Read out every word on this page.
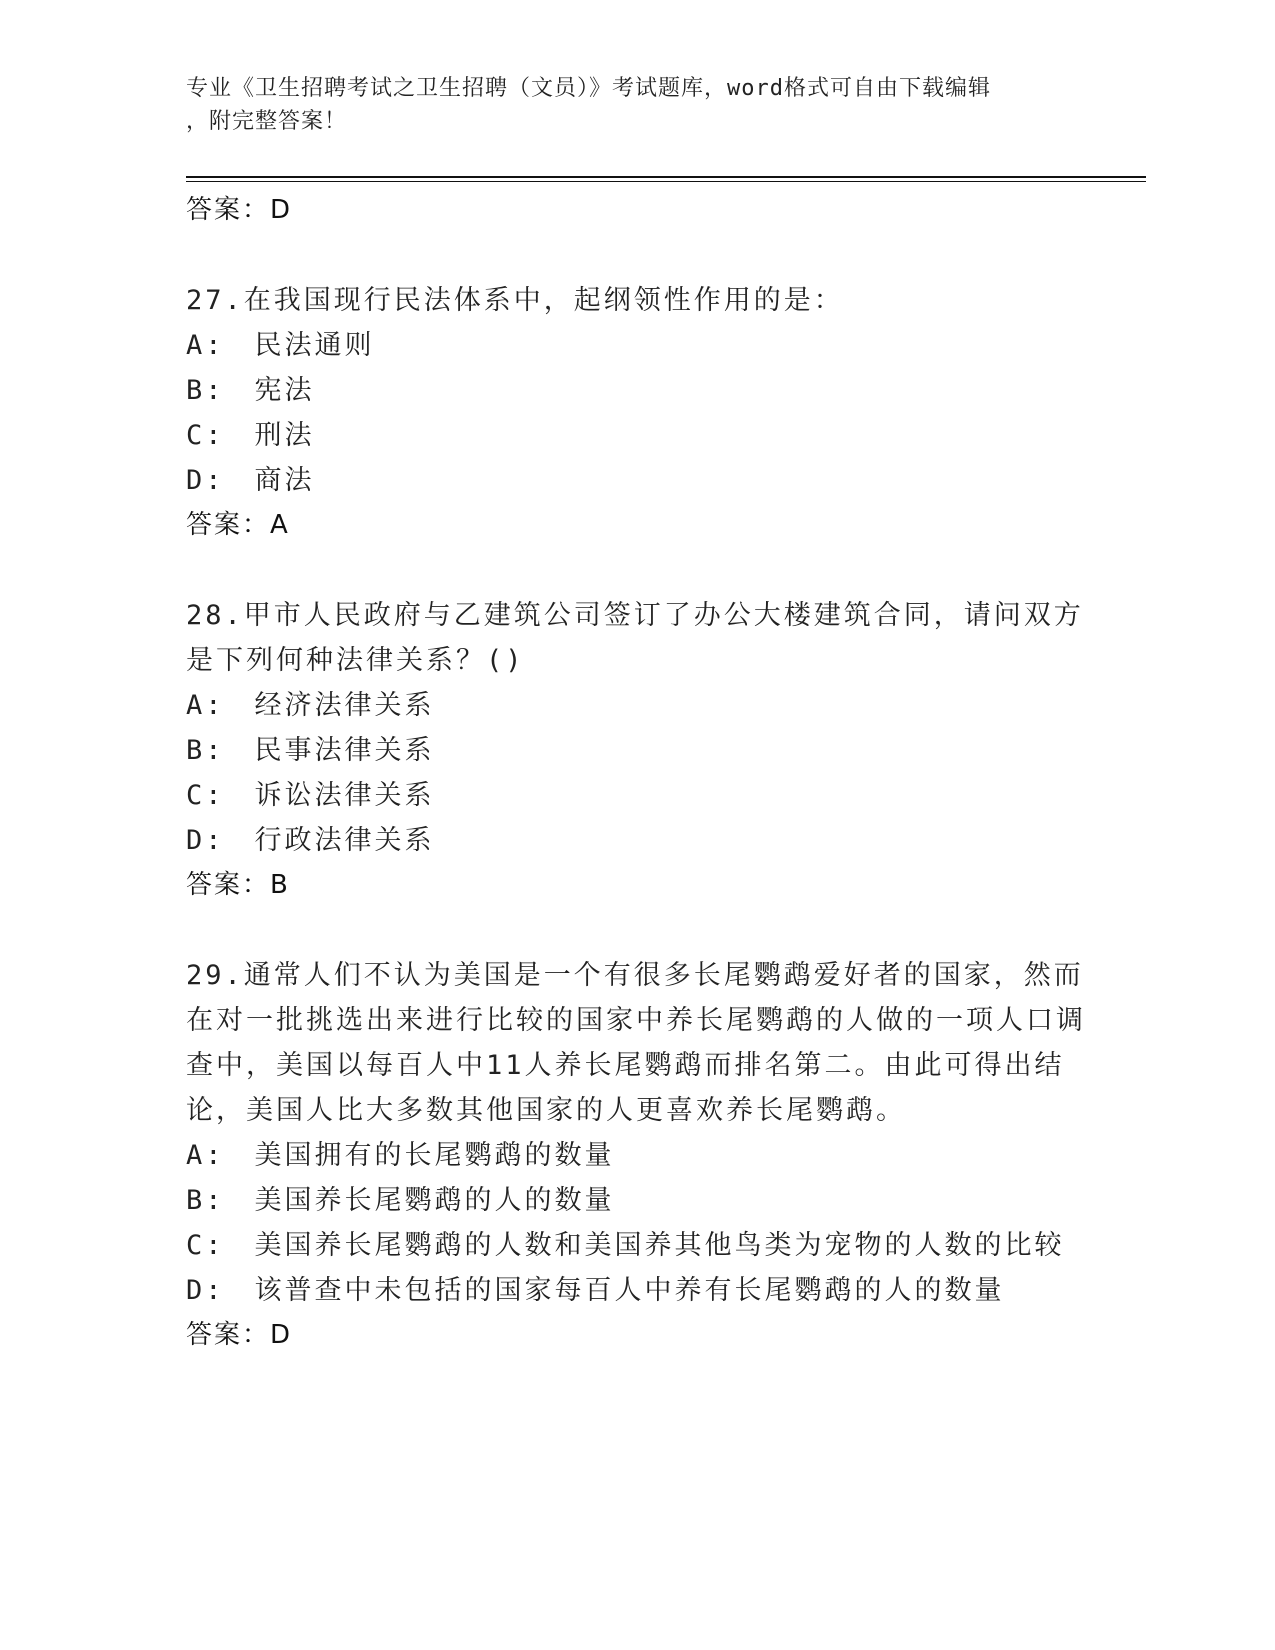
专业《卫生招聘考试之卫生招聘（文员）》考试题库，word格式可自由下载编辑
，附完整答案！

答案：D

27.在我国现行民法体系中，起纲领性作用的是：

A:　民法通则

B:　宪法

C:　刑法

D:　商法

答案：A

28.甲市人民政府与乙建筑公司签订了办公大楼建筑合同，请问双方是下列何种法律关系？()

A:　经济法律关系

B:　民事法律关系

C:　诉讼法律关系

D:　行政法律关系

答案：B

29.通常人们不认为美国是一个有很多长尾鹦鹉爱好者的国家，然而在对一批挑选出来进行比较的国家中养长尾鹦鹉的人做的一项人口调查中，美国以每百人中11人养长尾鹦鹉而排名第二。由此可得出结论，美国人比大多数其他国家的人更喜欢养长尾鹦鹉。

A:　美国拥有的长尾鹦鹉的数量

B:　美国养长尾鹦鹉的人的数量

C:　美国养长尾鹦鹉的人数和美国养其他鸟类为宠物的人数的比较

D:　该普查中未包括的国家每百人中养有长尾鹦鹉的人的数量

答案：D
